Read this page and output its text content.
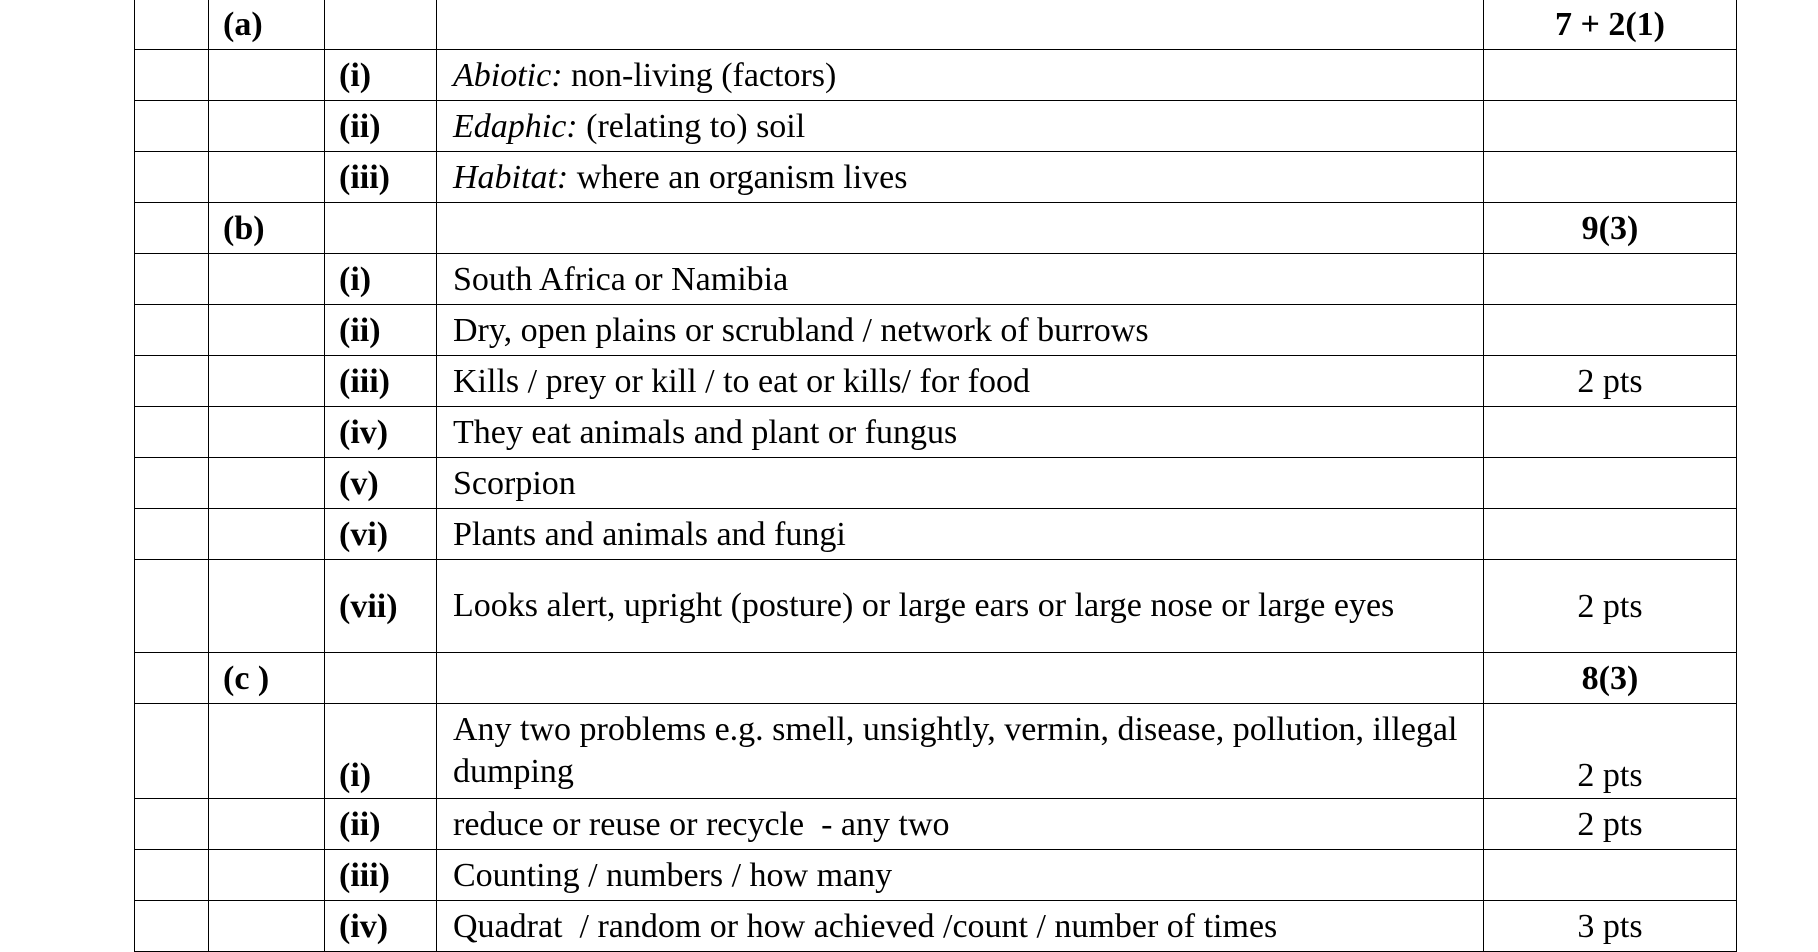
	(a)			7 + 2(1)
		(i)	Abiotic: non-living (factors)	
		(ii)	Edaphic: (relating to) soil	
		(iii)	Habitat: where an organism lives	
	(b)			9(3)
		(i)	South Africa or Namibia	
		(ii)	Dry, open plains or scrubland / network of burrows	
		(iii)	Kills / prey or kill / to eat or kills/ for food	2 pts
		(iv)	They eat animals and plant or fungus	
		(v)	Scorpion	
		(vi)	Plants and animals and fungi	
		(vii)	Looks alert, upright (posture) or large ears or large nose or large eyes	2 pts
	(c )			8(3)
		(i)	Any two problems e.g. smell, unsightly, vermin, disease, pollution, illegal dumping	2 pts
		(ii)	reduce or reuse or recycle  - any two	2 pts
		(iii)	Counting / numbers / how many	
		(iv)	Quadrat  / random or how achieved /count / number of times	3 pts
